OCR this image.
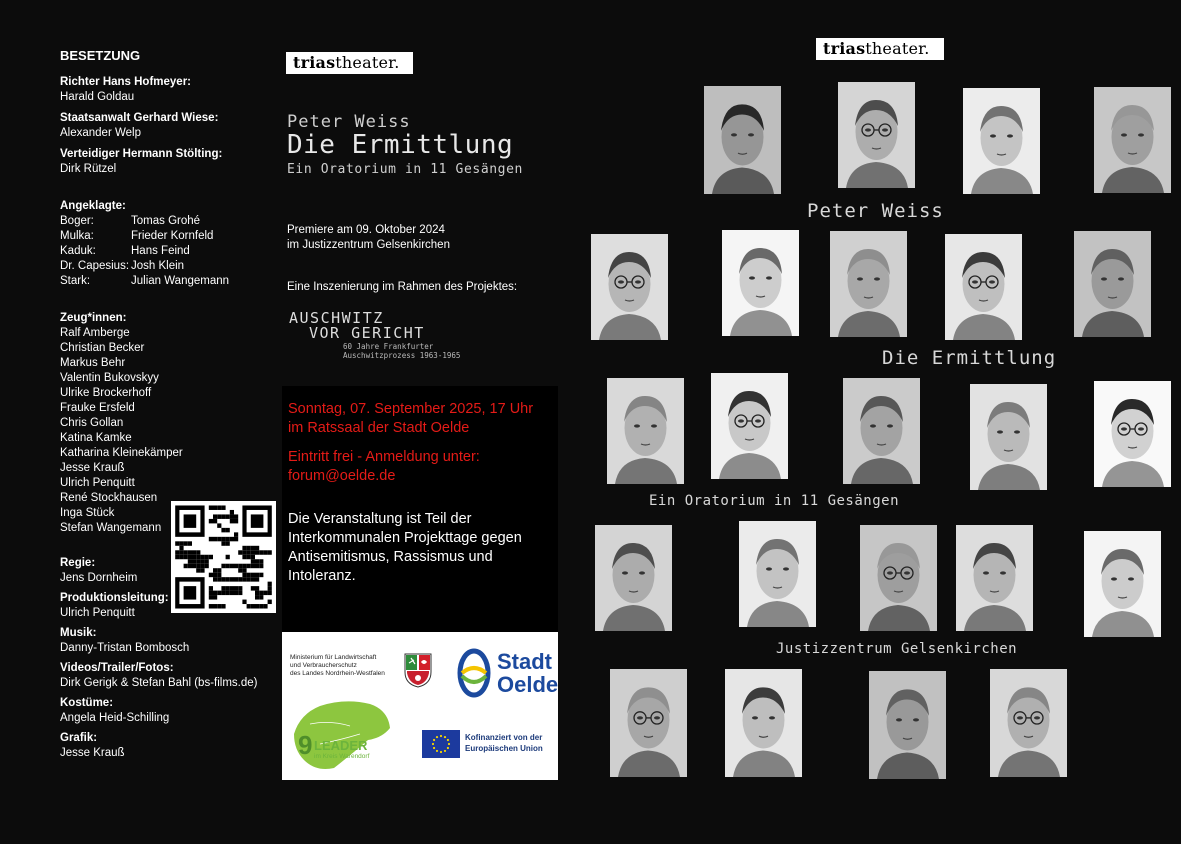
BESETZUNG
Richter Hans Hofmeyer:
Harald Goldau
Staatsanwalt Gerhard Wiese:
Alexander Welp
Verteidiger Hermann Stölting:
Dirk Rützel
Angeklagte:
Boger:	Tomas Grohé
Mulka:	Frieder Kornfeld
Kaduk:	Hans Feind
Dr. Capesius: Josh Klein
Stark:	Julian Wangemann
Zeug*innen:
Ralf Amberge
Christian Becker
Markus Behr
Valentin Bukovskyy
Ulrike Brockerhoff
Frauke Ersfeld
Chris Gollan
Katina Kamke
Katharina Kleinekämper
Jesse Krauß
Ulrich Penquitt
René Stockhausen
Inga Stück
Stefan Wangemann
Regie:
Jens Dornheim
Produktionsleitung:
Ulrich Penquitt
Musik:
Danny-Tristan Bombosch
Videos/Trailer/Fotos:
Dirk Gerigk & Stefan Bahl (bs-films.de)
Kostüme:
Angela Heid-Schilling
Grafik:
Jesse Krauß
triastheater.
Peter Weiss
Die Ermittlung
Ein Oratorium in 11 Gesängen
Premiere am 09. Oktober 2024
im Justizzentrum Gelsenkirchen
Eine Inszenierung im Rahmen des Projektes:
AUSCHWITZ
VOR GERICHT
60 Jahre Frankfurter
Auschwitzprozess 1963-1965
Sonntag, 07. September 2025, 17 Uhr
im Ratssaal der Stadt Oelde
Eintritt frei - Anmeldung unter:
forum@oelde.de
Die Veranstaltung ist Teil der Interkommunalen Projekttage gegen Antisemitismus, Rassismus und Intoleranz.
Ministerium für Landwirtschaft
und Verbraucherschutz
des Landes Nordrhein-Westfalen	Stadt
Oelde
9 LEADER
im Kreis Warendorf
Kofinanziert von der
Europäischen Union
triastheater.
Peter Weiss
Die Ermittlung
Ein Oratorium in 11 Gesängen
Justizzentrum Gelsenkirchen
